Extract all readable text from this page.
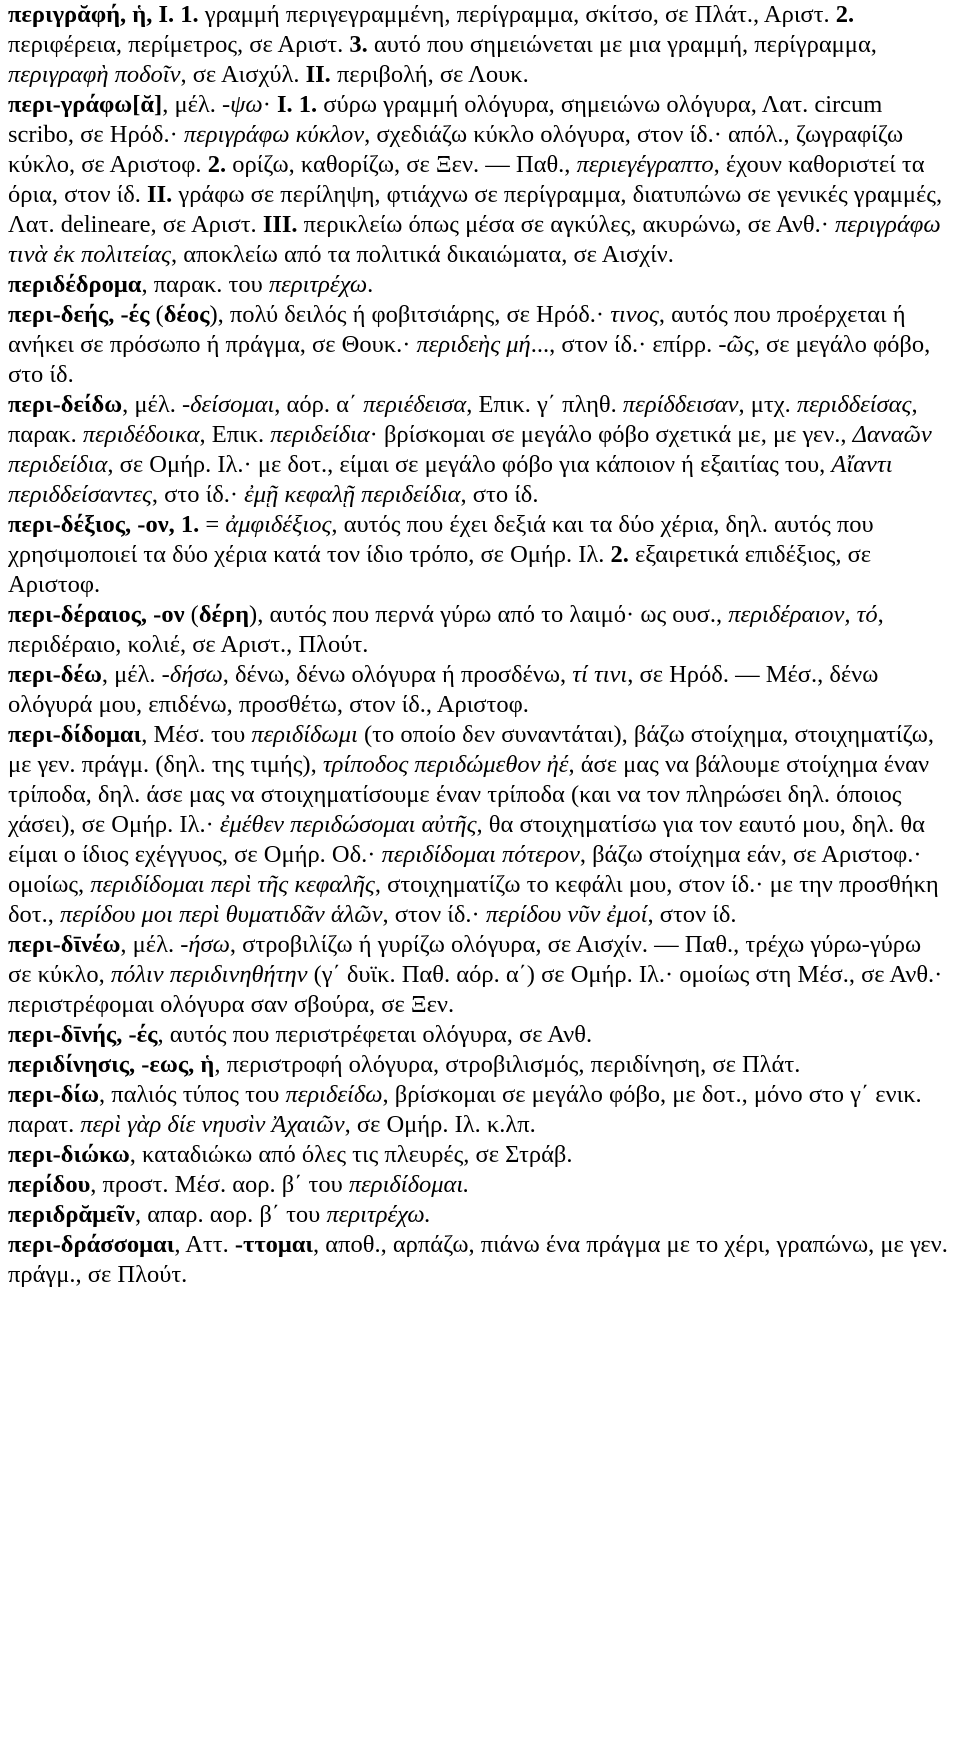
περιγρᾰφή, ἡ, I. 1. γραμμή περιγεγραμμένη, περίγραμμα, σκίτσο, σε Πλάτ., Αριστ. 2. περιφέρεια, περίμετρος, σε Αριστ. 3. αυτό που σημειώνεται με μια γραμμή, περίγραμμα, περιγραφὴ ποδοῖν, σε Αισχύλ. II. περιβολή, σε Λουκ.

περι-γράφω[ᾰ], μέλ. -ψω· I. 1. σύρω γραμμή ολόγυρα, σημειώνω ολόγυρα, Λατ. circum scribo, σε Ηρόδ.· περιγράφω κύκλον, σχεδιάζω κύκλο ολόγυρα, στον ίδ.· απόλ., ζωγραφίζω κύκλο, σε Αριστοφ. 2. ορίζω, καθορίζω, σε Ξεν. ― Παθ., περιεγέγραπτο, έχουν καθοριστεί τα όρια, στον ίδ. II. γράφω σε περίληψη, φτιάχνω σε περίγραμμα, διατυπώνω σε γενικές γραμμές, Λατ. delineare, σε Αριστ. III. περικλείω όπως μέσα σε αγκύλες, ακυρώνω, σε Ανθ.· περιγράφω τινὰ ἐκ πολιτείας, αποκλείω από τα πολιτικά δικαιώματα, σε Αισχίν.

περιδέδρομα, παρακ. του περιτρέχω.

περι-δεής, -ές (δέος), πολύ δειλός ή φοβιτσιάρης, σε Ηρόδ.· τινος, αυτός που προέρχεται ή ανήκει σε πρόσωπο ή πράγμα, σε Θουκ.· περιδεὴς μή..., στον ίδ.· επίρρ. -ῶς, σε μεγάλο φόβο, στο ίδ.

περι-δείδω, μέλ. -δείσομαι, αόρ. α΄ περιέδεισα, Επικ. γ΄ πληθ. περίδδεισαν, μτχ. περιδδείσας, παρακ. περιδέδοικα, Επικ. περιδείδια· βρίσκομαι σε μεγάλο φόβο σχετικά με, με γεν., Δαναῶν περιδείδια, σε Ομήρ. Ιλ.· με δοτ., είμαι σε μεγάλο φόβο για κάποιον ή εξαιτίας του, Αἴαντι περιδδείσαντες, στο ίδ.· ἐμῇ κεφαλῇ περιδείδια, στο ίδ.

περι-δέξιος, -ον, 1. = ἀμφιδέξιος, αυτός που έχει δεξιά και τα δύο χέρια, δηλ. αυτός που χρησιμοποιεί τα δύο χέρια κατά τον ίδιο τρόπο, σε Ομήρ. Ιλ. 2. εξαιρετικά επιδέξιος, σε Αριστοφ.

περι-δέραιος, -ον (δέρη), αυτός που περνά γύρω από το λαιμό· ως ουσ., περιδέραιον, τό, περιδέραιο, κολιέ, σε Αριστ., Πλούτ.

περι-δέω, μέλ. -δήσω, δένω, δένω ολόγυρα ή προσδένω, τί τινι, σε Ηρόδ. ― Μέσ., δένω ολόγυρά μου, επιδένω, προσθέτω, στον ίδ., Αριστοφ.

περι-δίδομαι, Μέσ. του περιδίδωμι (το οποίο δεν συναντάται), βάζω στοίχημα, στοιχηματίζω, με γεν. πράγμ. (δηλ. της τιμής), τρίποδος περιδώμεθον ἠέ, άσε μας να βάλουμε στοίχημα έναν τρίποδα, δηλ. άσε μας να στοιχηματίσουμε έναν τρίποδα (και να τον πληρώσει δηλ. όποιος χάσει), σε Ομήρ. Ιλ.· ἐμέθεν περιδώσομαι αὐτῆς, θα στοιχηματίσω για τον εαυτό μου, δηλ. θα είμαι ο ίδιος εχέγγυος, σε Ομήρ. Οδ.· περιδίδομαι πότερον, βάζω στοίχημα εάν, σε Αριστοφ.· ομοίως, περιδίδομαι περὶ τῆς κεφαλῆς, στοιχηματίζω το κεφάλι μου, στον ίδ.· με την προσθήκη δοτ., περίδου μοι περὶ θυματιδᾶν ἁλῶν, στον ίδ.· περίδου νῦν ἐμοί, στον ίδ.

περι-δῑνέω, μέλ. -ήσω, στροβιλίζω ή γυρίζω ολόγυρα, σε Αισχίν. ― Παθ., τρέχω γύρω-γύρω σε κύκλο, πόλιν περιδινηθήτην (γ΄ δυϊκ. Παθ. αόρ. α΄) σε Ομήρ. Ιλ.· ομοίως στη Μέσ., σε Ανθ.· περιστρέφομαι ολόγυρα σαν σβούρα, σε Ξεν.

περι-δῑνής, -ές, αυτός που περιστρέφεται ολόγυρα, σε Ανθ.

περιδίνησις, -εως, ἡ, περιστροφή ολόγυρα, στροβιλισμός, περιδίνηση, σε Πλάτ.

περι-δίω, παλιός τύπος του περιδείδω, βρίσκομαι σε μεγάλο φόβο, με δοτ., μόνο στο γ΄ ενικ. παρατ. περὶ γὰρ δίε νηυσὶν Ἀχαιῶν, σε Ομήρ. Ιλ. κ.λπ.

περι-διώκω, καταδιώκω από όλες τις πλευρές, σε Στράβ.

περίδου, προστ. Μέσ. αορ. β΄ του περιδίδομαι.

περιδρᾰμεῖν, απαρ. αορ. β΄ του περιτρέχω.

περι-δράσσομαι, Αττ. -ττομαι, αποθ., αρπάζω, πιάνω ένα πράγμα με το χέρι, γραπώνω, με γεν. πράγμ., σε Πλούτ.
